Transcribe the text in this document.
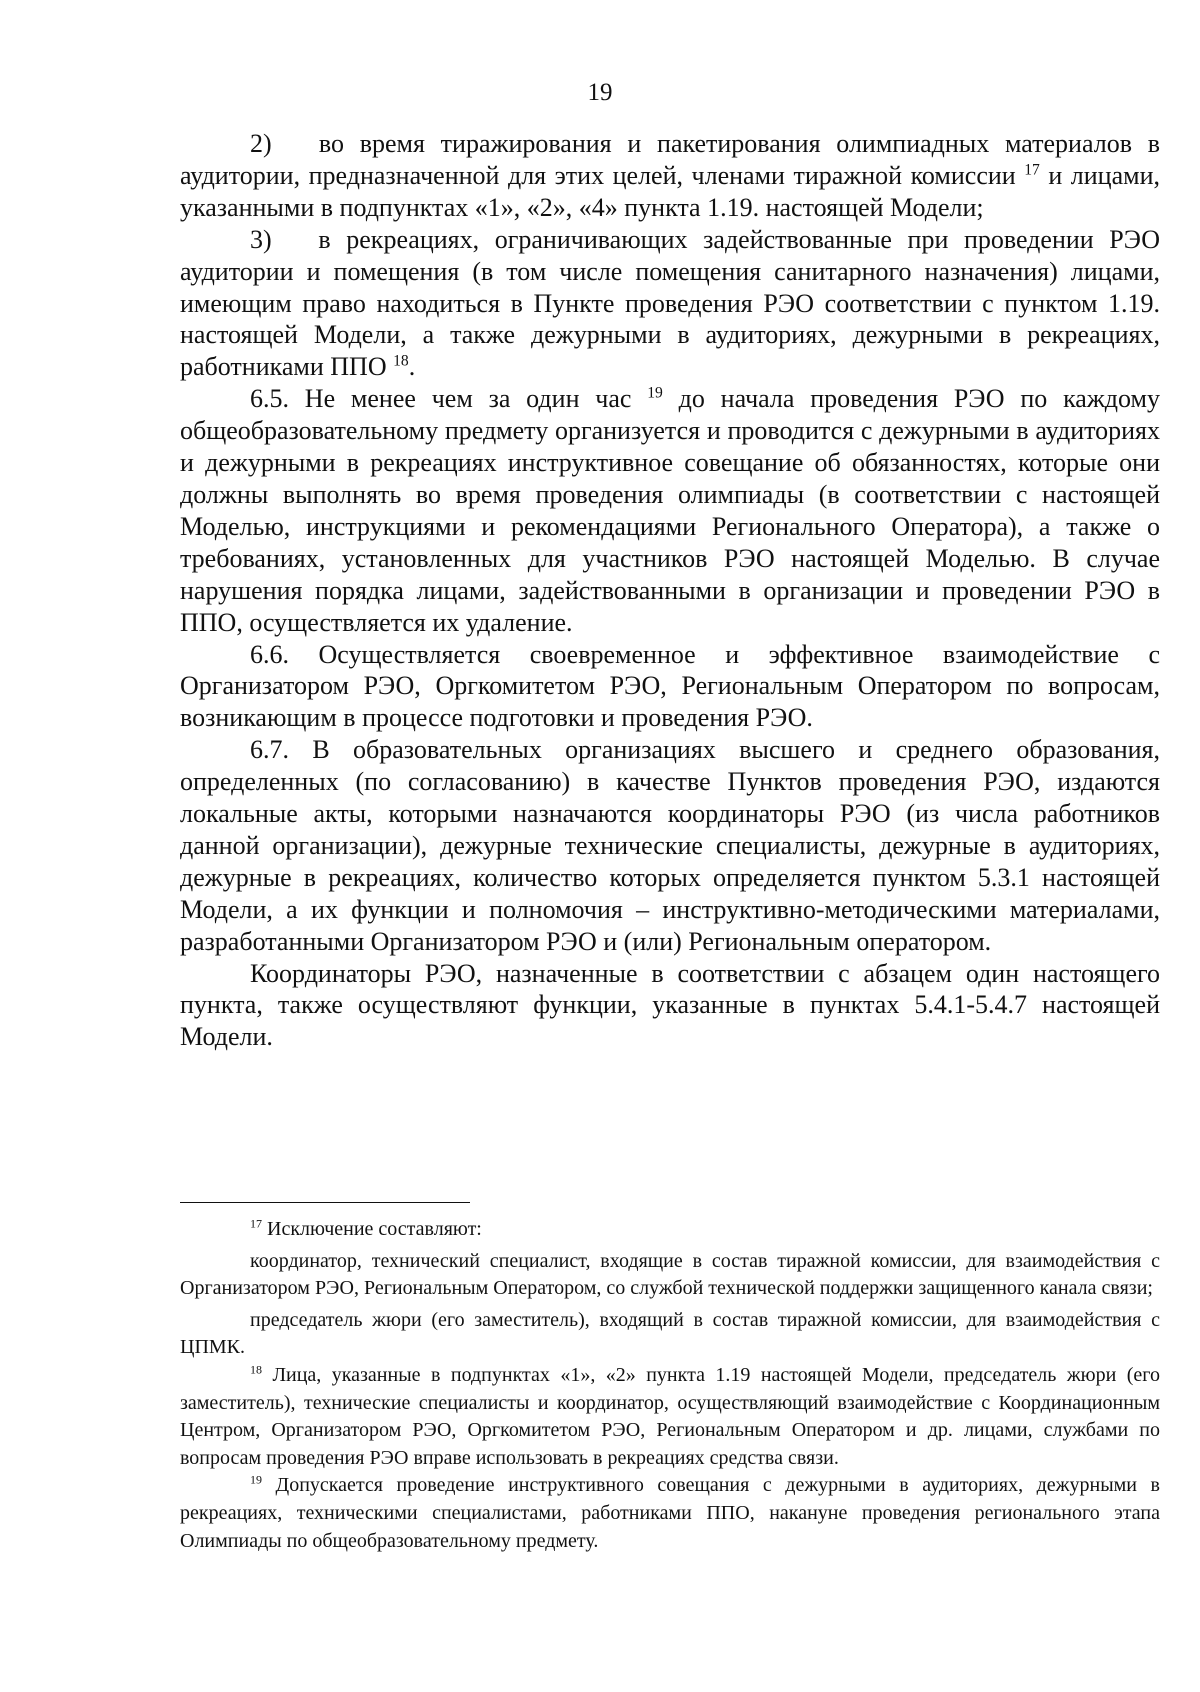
19

2)   во время тиражирования и пакетирования олимпиадных материалов в аудитории, предназначенной для этих целей, членами тиражной комиссии $^{17}$ и лицами, указанными в подпунктах «1», «2», «4» пункта 1.19. настоящей Модели;

3)   в рекреациях, ограничивающих задействованные при проведении РЭО аудитории и помещения (в том числе помещения санитарного назначения) лицами, имеющим право находиться в Пункте проведения РЭО соответствии с пунктом 1.19. настоящей Модели, а также дежурными в аудиториях, дежурными в рекреациях, работниками ППО $^{18}$.

6.5. Не менее чем за один час $^{19}$ до начала проведения РЭО по каждому общеобразовательному предмету организуется и проводится с дежурными в аудиториях и дежурными в рекреациях инструктивное совещание об обязанностях, которые они должны выполнять во время проведения олимпиады (в соответствии с настоящей Моделью, инструкциями и рекомендациями Регионального Оператора), а также о требованиях, установленных для участников РЭО настоящей Моделью. В случае нарушения порядка лицами, задействованными в организации и проведении РЭО в ППО, осуществляется их удаление.

6.6. Осуществляется своевременное и эффективное взаимодействие с Организатором РЭО, Оргкомитетом РЭО, Региональным Оператором по вопросам, возникающим в процессе подготовки и проведения РЭО.

6.7. В образовательных организациях высшего и среднего образования, определенных (по согласованию) в качестве Пунктов проведения РЭО, издаются локальные акты, которыми назначаются координаторы РЭО (из числа работников данной организации), дежурные технические специалисты, дежурные в аудиториях, дежурные в рекреациях, количество которых определяется пунктом 5.3.1 настоящей Модели, а их функции и полномочия – инструктивно-методическими материалами, разработанными Организатором РЭО и (или) Региональным оператором.

Координаторы РЭО, назначенные в соответствии с абзацем один настоящего пункта, также осуществляют функции, указанные в пунктах 5.4.1-5.4.7 настоящей Модели.

$^{17}$ Исключение составляют:

координатор, технический специалист, входящие в состав тиражной комиссии, для взаимодействия с Организатором РЭО, Региональным Оператором, со службой технической поддержки защищенного канала связи;

председатель жюри (его заместитель), входящий в состав тиражной комиссии, для взаимодействия с ЦПМК.

$^{18}$ Лица, указанные в подпунктах «1», «2» пункта 1.19 настоящей Модели, председатель жюри (его заместитель), технические специалисты и координатор, осуществляющий взаимодействие с Координационным Центром, Организатором РЭО, Оргкомитетом РЭО, Региональным Оператором и др. лицами, службами по вопросам проведения РЭО вправе использовать в рекреациях средства связи.

$^{19}$ Допускается проведение инструктивного совещания с дежурными в аудиториях, дежурными в рекреациях, техническими специалистами, работниками ППО, накануне проведения регионального этапа Олимпиады по общеобразовательному предмету.
